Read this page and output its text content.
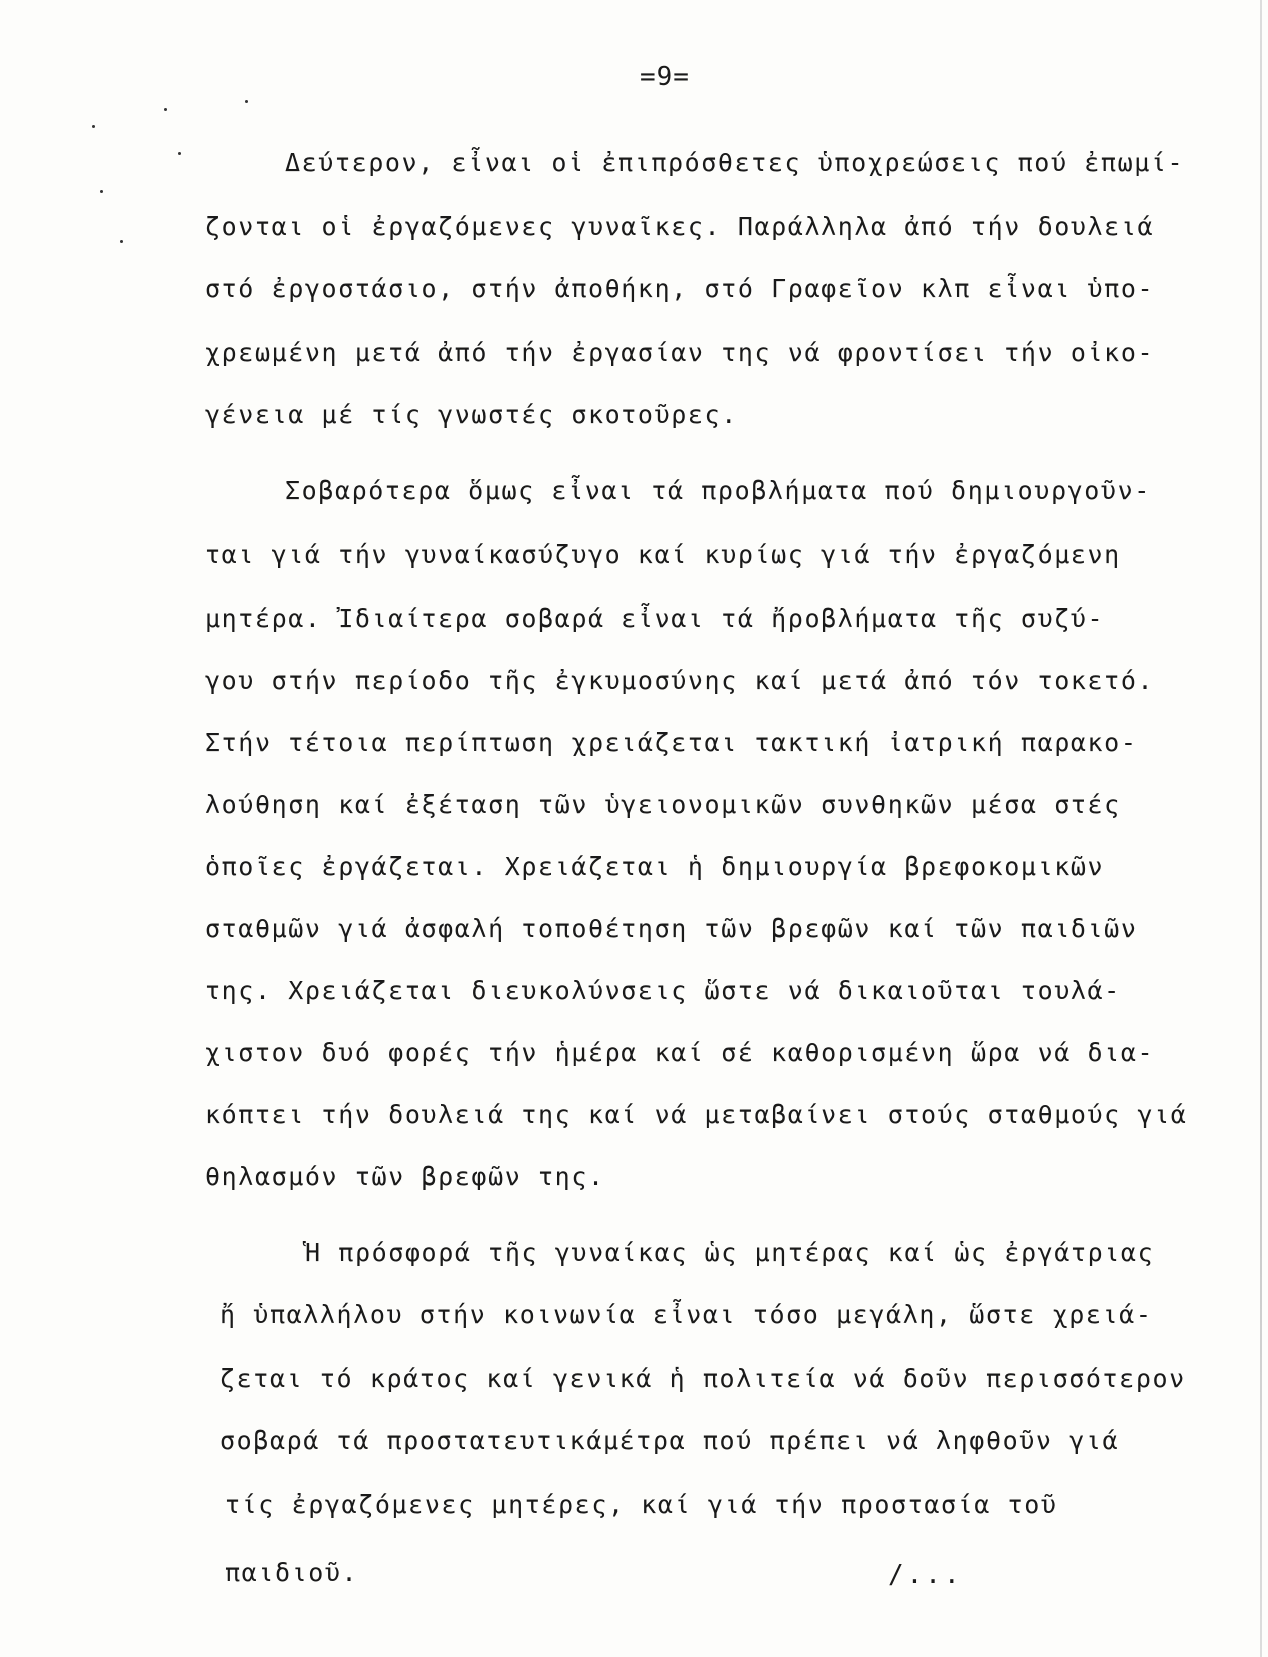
=9=
Δεύτερον, εἶναι οἱ ἐπιπρόσθετες ὑποχρεώσεις πού ἐπωμί-
ζονται οἱ ἐργαζόμενες γυναῖκες. Παράλληλα ἀπό τήν δουλειά
στό ἐργοστάσιο, στήν ἀποθήκη, στό Γραφεῖον κλπ εἶναι ὑπο-
χρεωμένη μετά ἀπό τήν ἐργασίαν της νά φροντίσει τήν οἰκο-
γένεια μέ τίς γνωστές σκοτοῦρες.
Σοβαρότερα ὅμως εἶναι τά προβλήματα πού δημιουργοῦν-
ται γιά τήν γυναίκασύζυγο καί κυρίως γιά τήν ἐργαζόμενη
μητέρα. Ἰδιαίτερα σοβαρά εἶναι τά ἤροβλήματα τῆς συζύ-
γου στήν περίοδο τῆς ἐγκυμοσύνης καί μετά ἀπό τόν τοκετό.
Στήν τέτοια περίπτωση χρειάζεται τακτική ἰατρική παρακο-
λούθηση καί ἐξέταση τῶν ὑγειονομικῶν συνθηκῶν μέσα στές
ὁποῖες ἐργάζεται. Χρειάζεται ἡ δημιουργία βρεφοκομικῶν
σταθμῶν γιά ἀσφαλή τοποθέτηση τῶν βρεφῶν καί τῶν παιδιῶν
της. Χρειάζεται διευκολύνσεις ὥστε νά δικαιοῦται τουλά-
χιστον δυό φορές τήν ἡμέρα καί σέ καθορισμένη ὥρα νά δια-
κόπτει τήν δουλειά της καί νά μεταβαίνει στούς σταθμούς γιά
θηλασμόν τῶν βρεφῶν της.
Ἡ πρόσφορά τῆς γυναίκας ὡς μητέρας καί ὡς ἐργάτριας
ἤ ὑπαλλήλου στήν κοινωνία εἶναι τόσο μεγάλη, ὥστε χρειά-
ζεται τό κράτος καί γενικά ἡ πολιτεία νά δοῦν περισσότερον
σοβαρά τά προστατευτικάμέτρα πού πρέπει νά ληφθοῦν γιά
τίς ἐργαζόμενες μητέρες, καί γιά τήν προστασία τοῦ
παιδιοῦ.	/...
